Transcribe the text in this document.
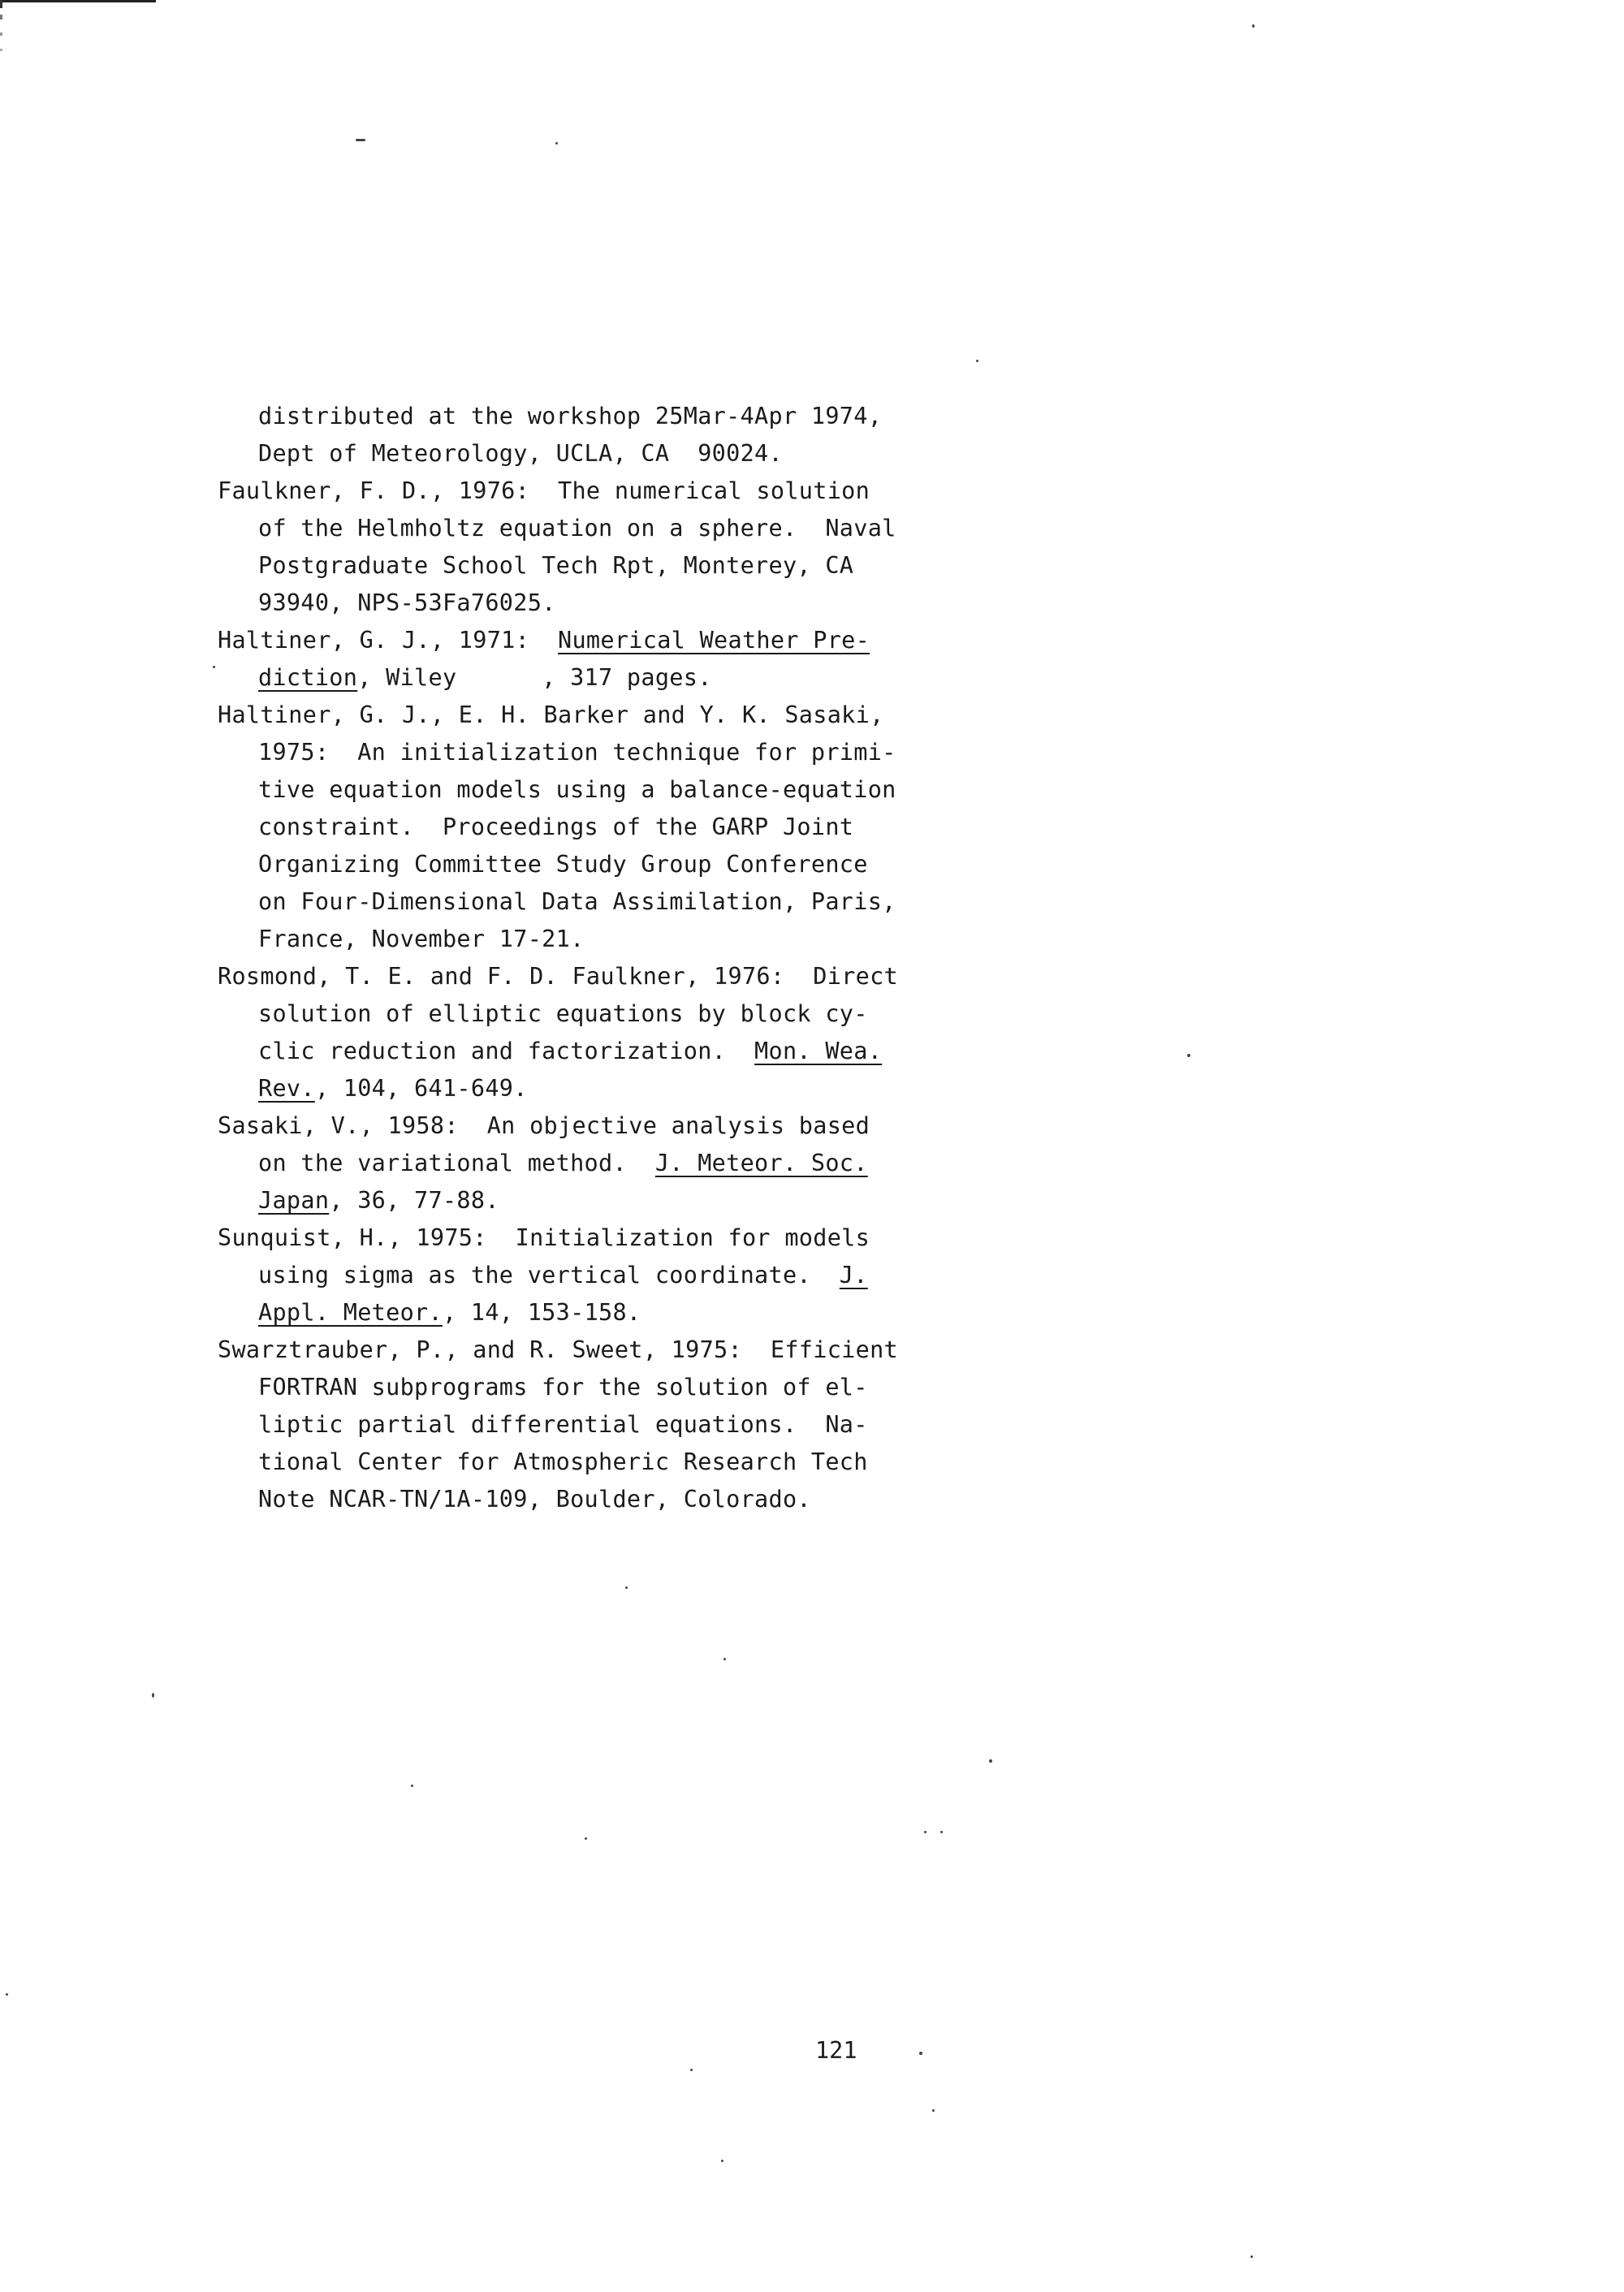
distributed at the workshop 25Mar-4Apr 1974,
Dept of Meteorology, UCLA, CA  90024.
Faulkner, F. D., 1976:  The numerical solution
of the Helmholtz equation on a sphere.  Naval
Postgraduate School Tech Rpt, Monterey, CA
93940, NPS-53Fa76025.
Haltiner, G. J., 1971:  Numerical Weather Pre-
diction, Wiley      , 317 pages.
Haltiner, G. J., E. H. Barker and Y. K. Sasaki,
1975:  An initialization technique for primi-
tive equation models using a balance-equation
constraint.  Proceedings of the GARP Joint
Organizing Committee Study Group Conference
on Four-Dimensional Data Assimilation, Paris,
France, November 17-21.
Rosmond, T. E. and F. D. Faulkner, 1976:  Direct
solution of elliptic equations by block cy-
clic reduction and factorization.  Mon. Wea.
Rev., 104, 641-649.
Sasaki, V., 1958:  An objective analysis based
on the variational method.  J. Meteor. Soc.
Japan, 36, 77-88.
Sunquist, H., 1975:  Initialization for models
using sigma as the vertical coordinate.  J.
Appl. Meteor., 14, 153-158.
Swarztrauber, P., and R. Sweet, 1975:  Efficient
FORTRAN subprograms for the solution of el-
liptic partial differential equations.  Na-
tional Center for Atmospheric Research Tech
Note NCAR-TN/1A-109, Boulder, Colorado.
121
